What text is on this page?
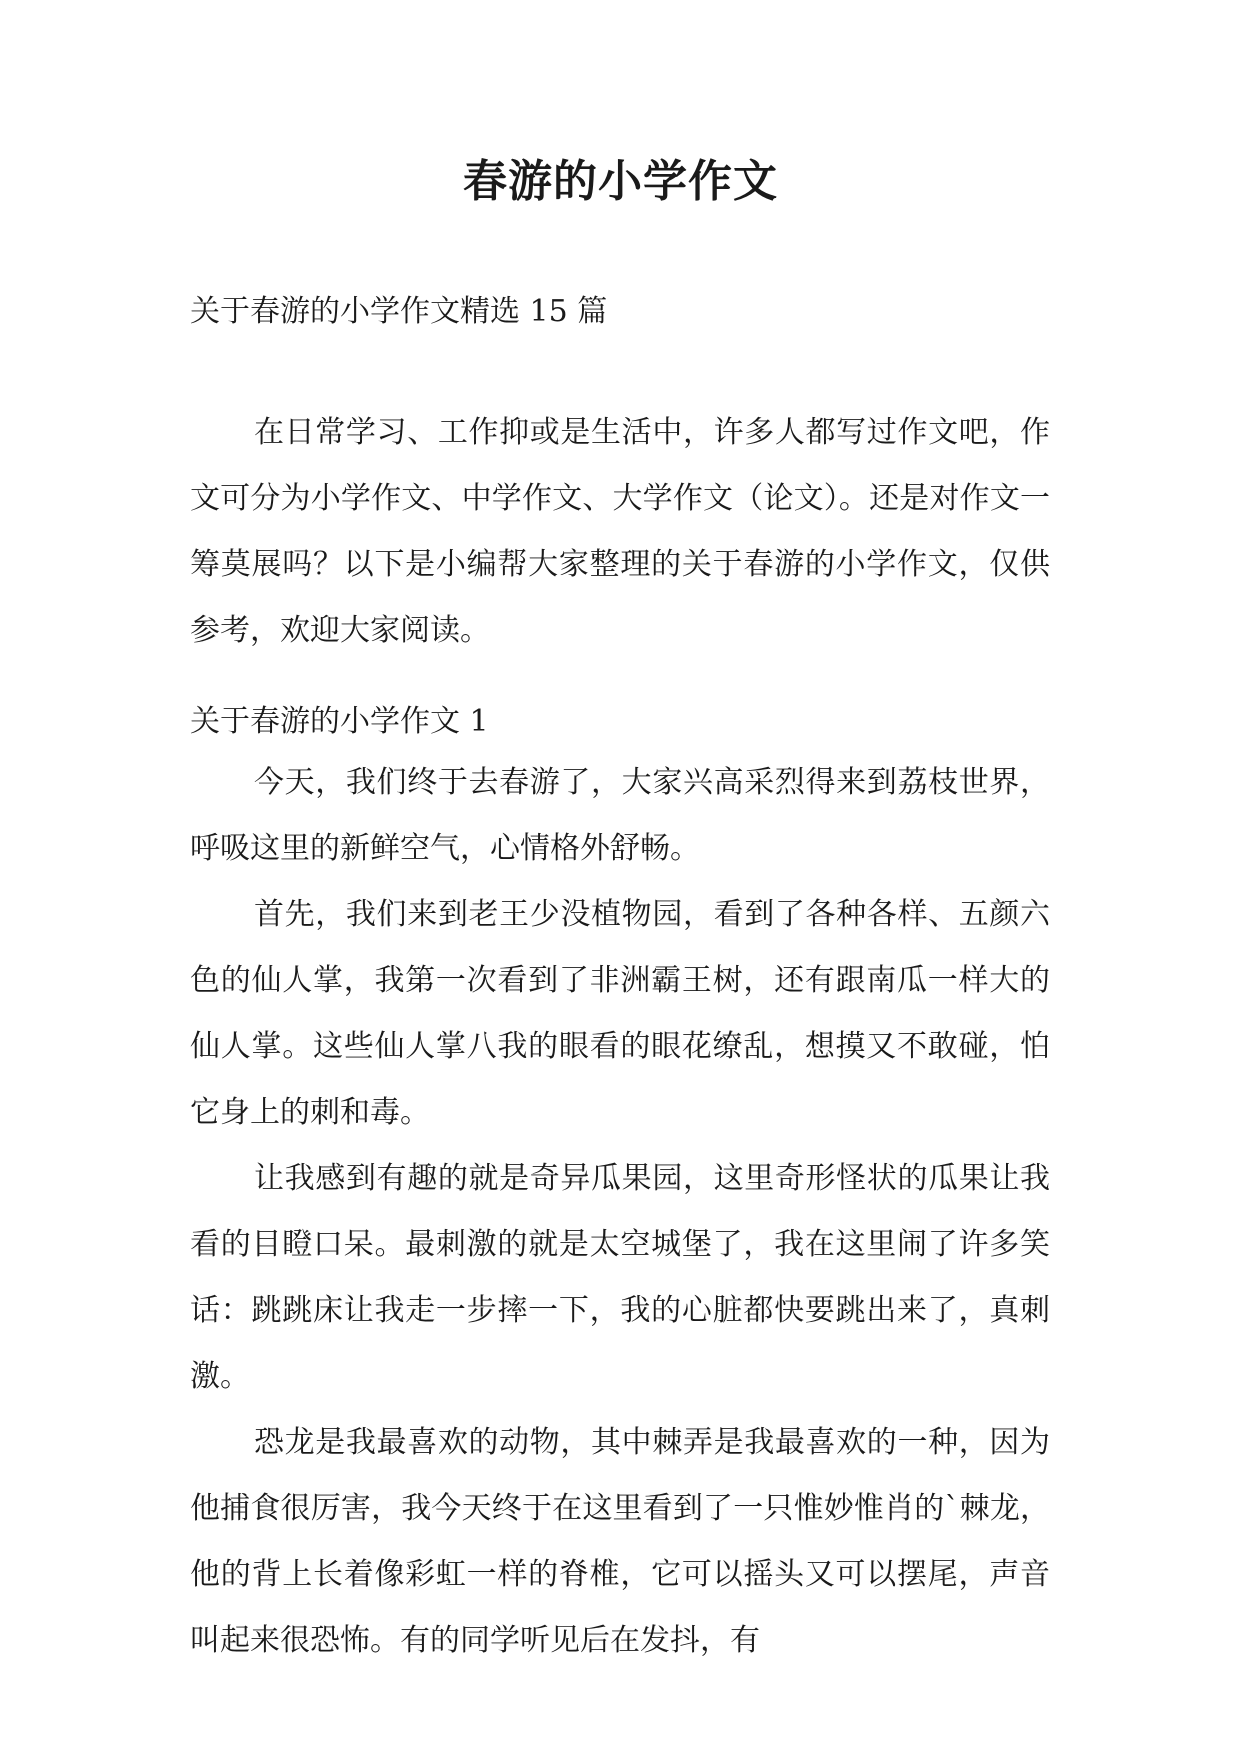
春游的小学作文
关于春游的小学作文精选 15 篇

在日常学习、工作抑或是生活中，许多人都写过作文吧，作文可分为小学作文、中学作文、大学作文（论文）。还是对作文一筹莫展吗？以下是小编帮大家整理的关于春游的小学作文，仅供参考，欢迎大家阅读。

关于春游的小学作文 1

今天，我们终于去春游了，大家兴高采烈得来到荔枝世界，呼吸这里的新鲜空气，心情格外舒畅。

首先，我们来到老王少没植物园，看到了各种各样、五颜六色的仙人掌，我第一次看到了非洲霸王树，还有跟南瓜一样大的仙人掌。这些仙人掌八我的眼看的眼花缭乱，想摸又不敢碰，怕它身上的刺和毒。

让我感到有趣的就是奇异瓜果园，这里奇形怪状的瓜果让我看的目瞪口呆。最刺激的就是太空城堡了，我在这里闹了许多笑话：跳跳床让我走一步摔一下，我的心脏都快要跳出来了，真刺激。

恐龙是我最喜欢的动物，其中棘弄是我最喜欢的一种，因为他捕食很厉害，我今天终于在这里看到了一只惟妙惟肖的`棘龙，他的背上长着像彩虹一样的脊椎，它可以摇头又可以摆尾，声音叫起来很恐怖。有的同学听见后在发抖，有
